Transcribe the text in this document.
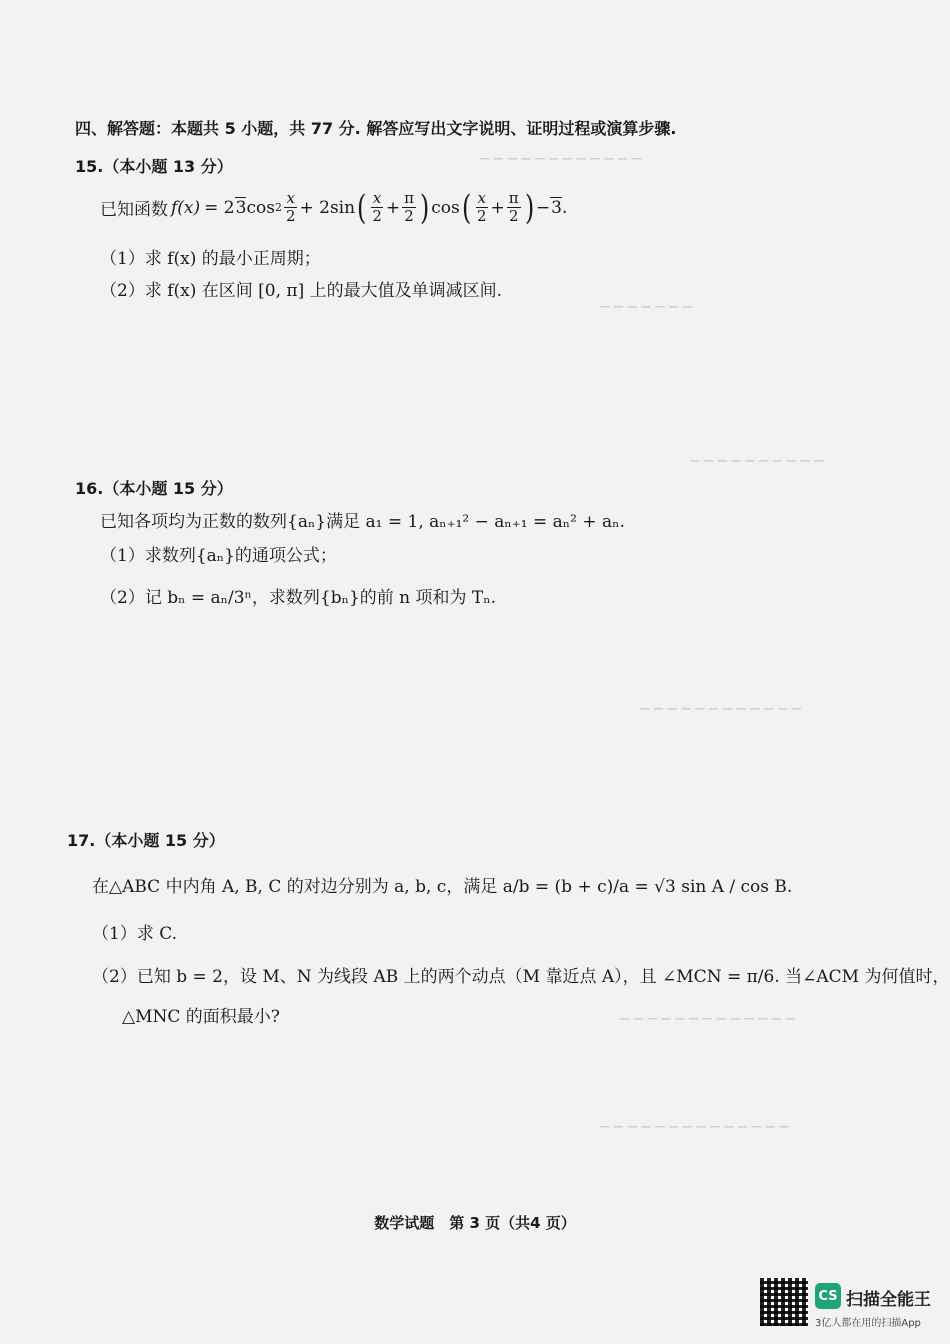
─ ─ ─ ─ ─ ─ ─ ─ ─ ─ ─ ─
─ ─ ─ ─ ─ ─ ─
─ ─ ─ ─ ─ ─ ─ ─ ─ ─
─ ─ ─ ─ ─ ─ ─ ─ ─ ─ ─ ─
─ ─ ─ ─ ─ ─ ─ ─ ─ ─ ─ ─ ─
─ ─ ─ ─ ─ ─ ─ ─ ─ ─ ─ ─ ─ ─
四、解答题：本题共 5 小题，共 77 分. 解答应写出文字说明、证明过程或演算步骤.
15.（本小题 13 分）
已知函数 f(x) = 2 3 $\cos 2 \frac{x}{2} + 2\sin$ ( $\frac{x}{2} + \frac{\pi}{2}$ ) cos ( $\frac{x}{2} + \frac{\pi}{2}$ ) − 3 .
（1）求 f(x) 的最小正周期；
（2）求 f(x) 在区间 [0, π] 上的最大值及单调减区间.
16.（本小题 15 分）
已知各项均为正数的数列{aₙ}满足 a₁ = 1, aₙ₊₁² − aₙ₊₁ = aₙ² + aₙ.
（1）求数列{aₙ}的通项公式；
（2）记 bₙ = aₙ/3ⁿ，求数列{bₙ}的前 n 项和为 Tₙ.
17.（本小题 15 分）
在△ABC 中内角 A, B, C 的对边分别为 a, b, c，满足 a/b = (b + c)/a = √3 sin A / cos B.
（1）求 C.
（2）已知 b = 2，设 M、N 为线段 AB 上的两个动点（M 靠近点 A），且 ∠MCN = π/6. 当∠ACM 为何值时，
△MNC 的面积最小?
数学试题　第 3 页（共4 页）
CS 扫描全能王
3亿人都在用的扫描App
